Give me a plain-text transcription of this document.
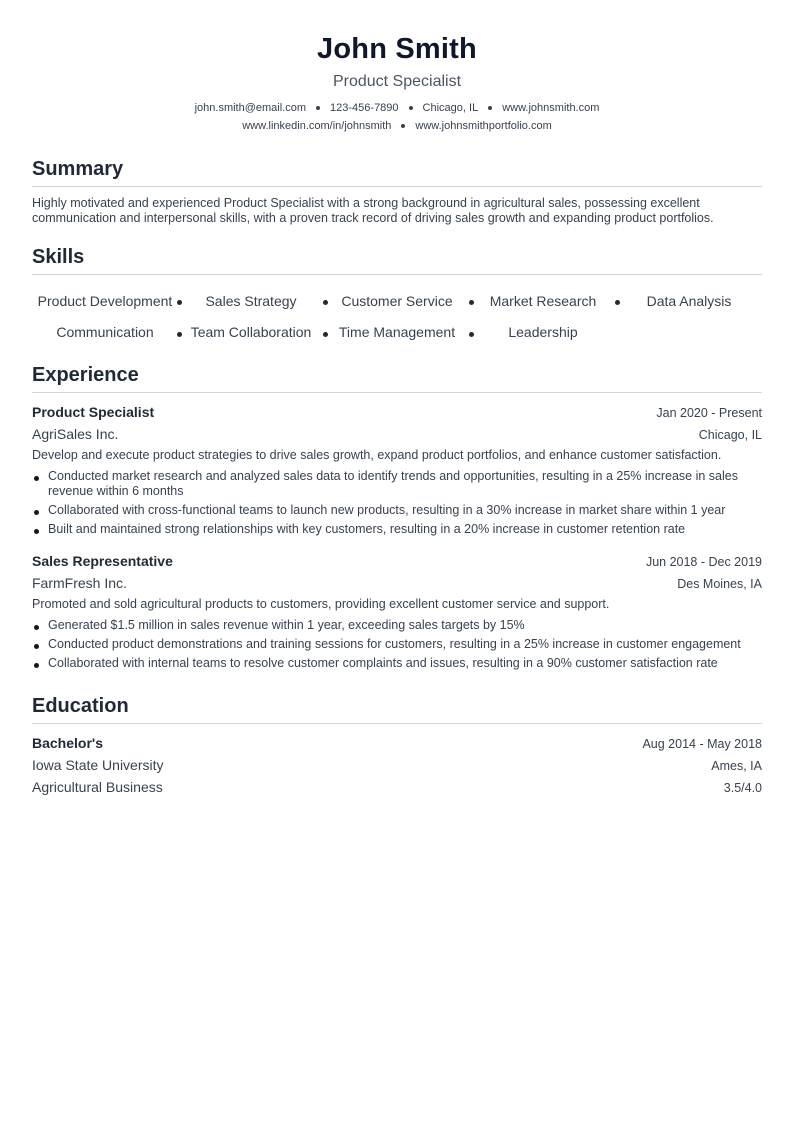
John Smith
Product Specialist
john.smith@email.com 123-456-7890 Chicago, IL www.johnsmith.com
www.linkedin.com/in/johnsmith www.johnsmithportfolio.com
Summary
Highly motivated and experienced Product Specialist with a strong background in agricultural sales, possessing excellent communication and interpersonal skills, with a proven track record of driving sales growth and expanding product portfolios.
Skills
Product Development Sales Strategy	Customer Service	Market Research	Data Analysis
Communication	Team Collaboration Time Management	Leadership
Experience
Product Specialist	Jan 2020 - Present
AgriSales Inc.	Chicago, IL
Develop and execute product strategies to drive sales growth, expand product portfolios, and enhance customer satisfaction.
Conducted market research and analyzed sales data to identify trends and opportunities, resulting in a 25% increase in sales revenue within 6 months
Collaborated with cross-functional teams to launch new products, resulting in a 30% increase in market share within 1 year
Built and maintained strong relationships with key customers, resulting in a 20% increase in customer retention rate
Sales Representative	Jun 2018 - Dec 2019
FarmFresh Inc.	Des Moines, IA
Promoted and sold agricultural products to customers, providing excellent customer service and support.
Generated $1.5 million in sales revenue within 1 year, exceeding sales targets by 15%
Conducted product demonstrations and training sessions for customers, resulting in a 25% increase in customer engagement
Collaborated with internal teams to resolve customer complaints and issues, resulting in a 90% customer satisfaction rate
Education
Bachelor's	Aug 2014 - May 2018
Iowa State University	Ames, IA
Agricultural Business	3.5/4.0
